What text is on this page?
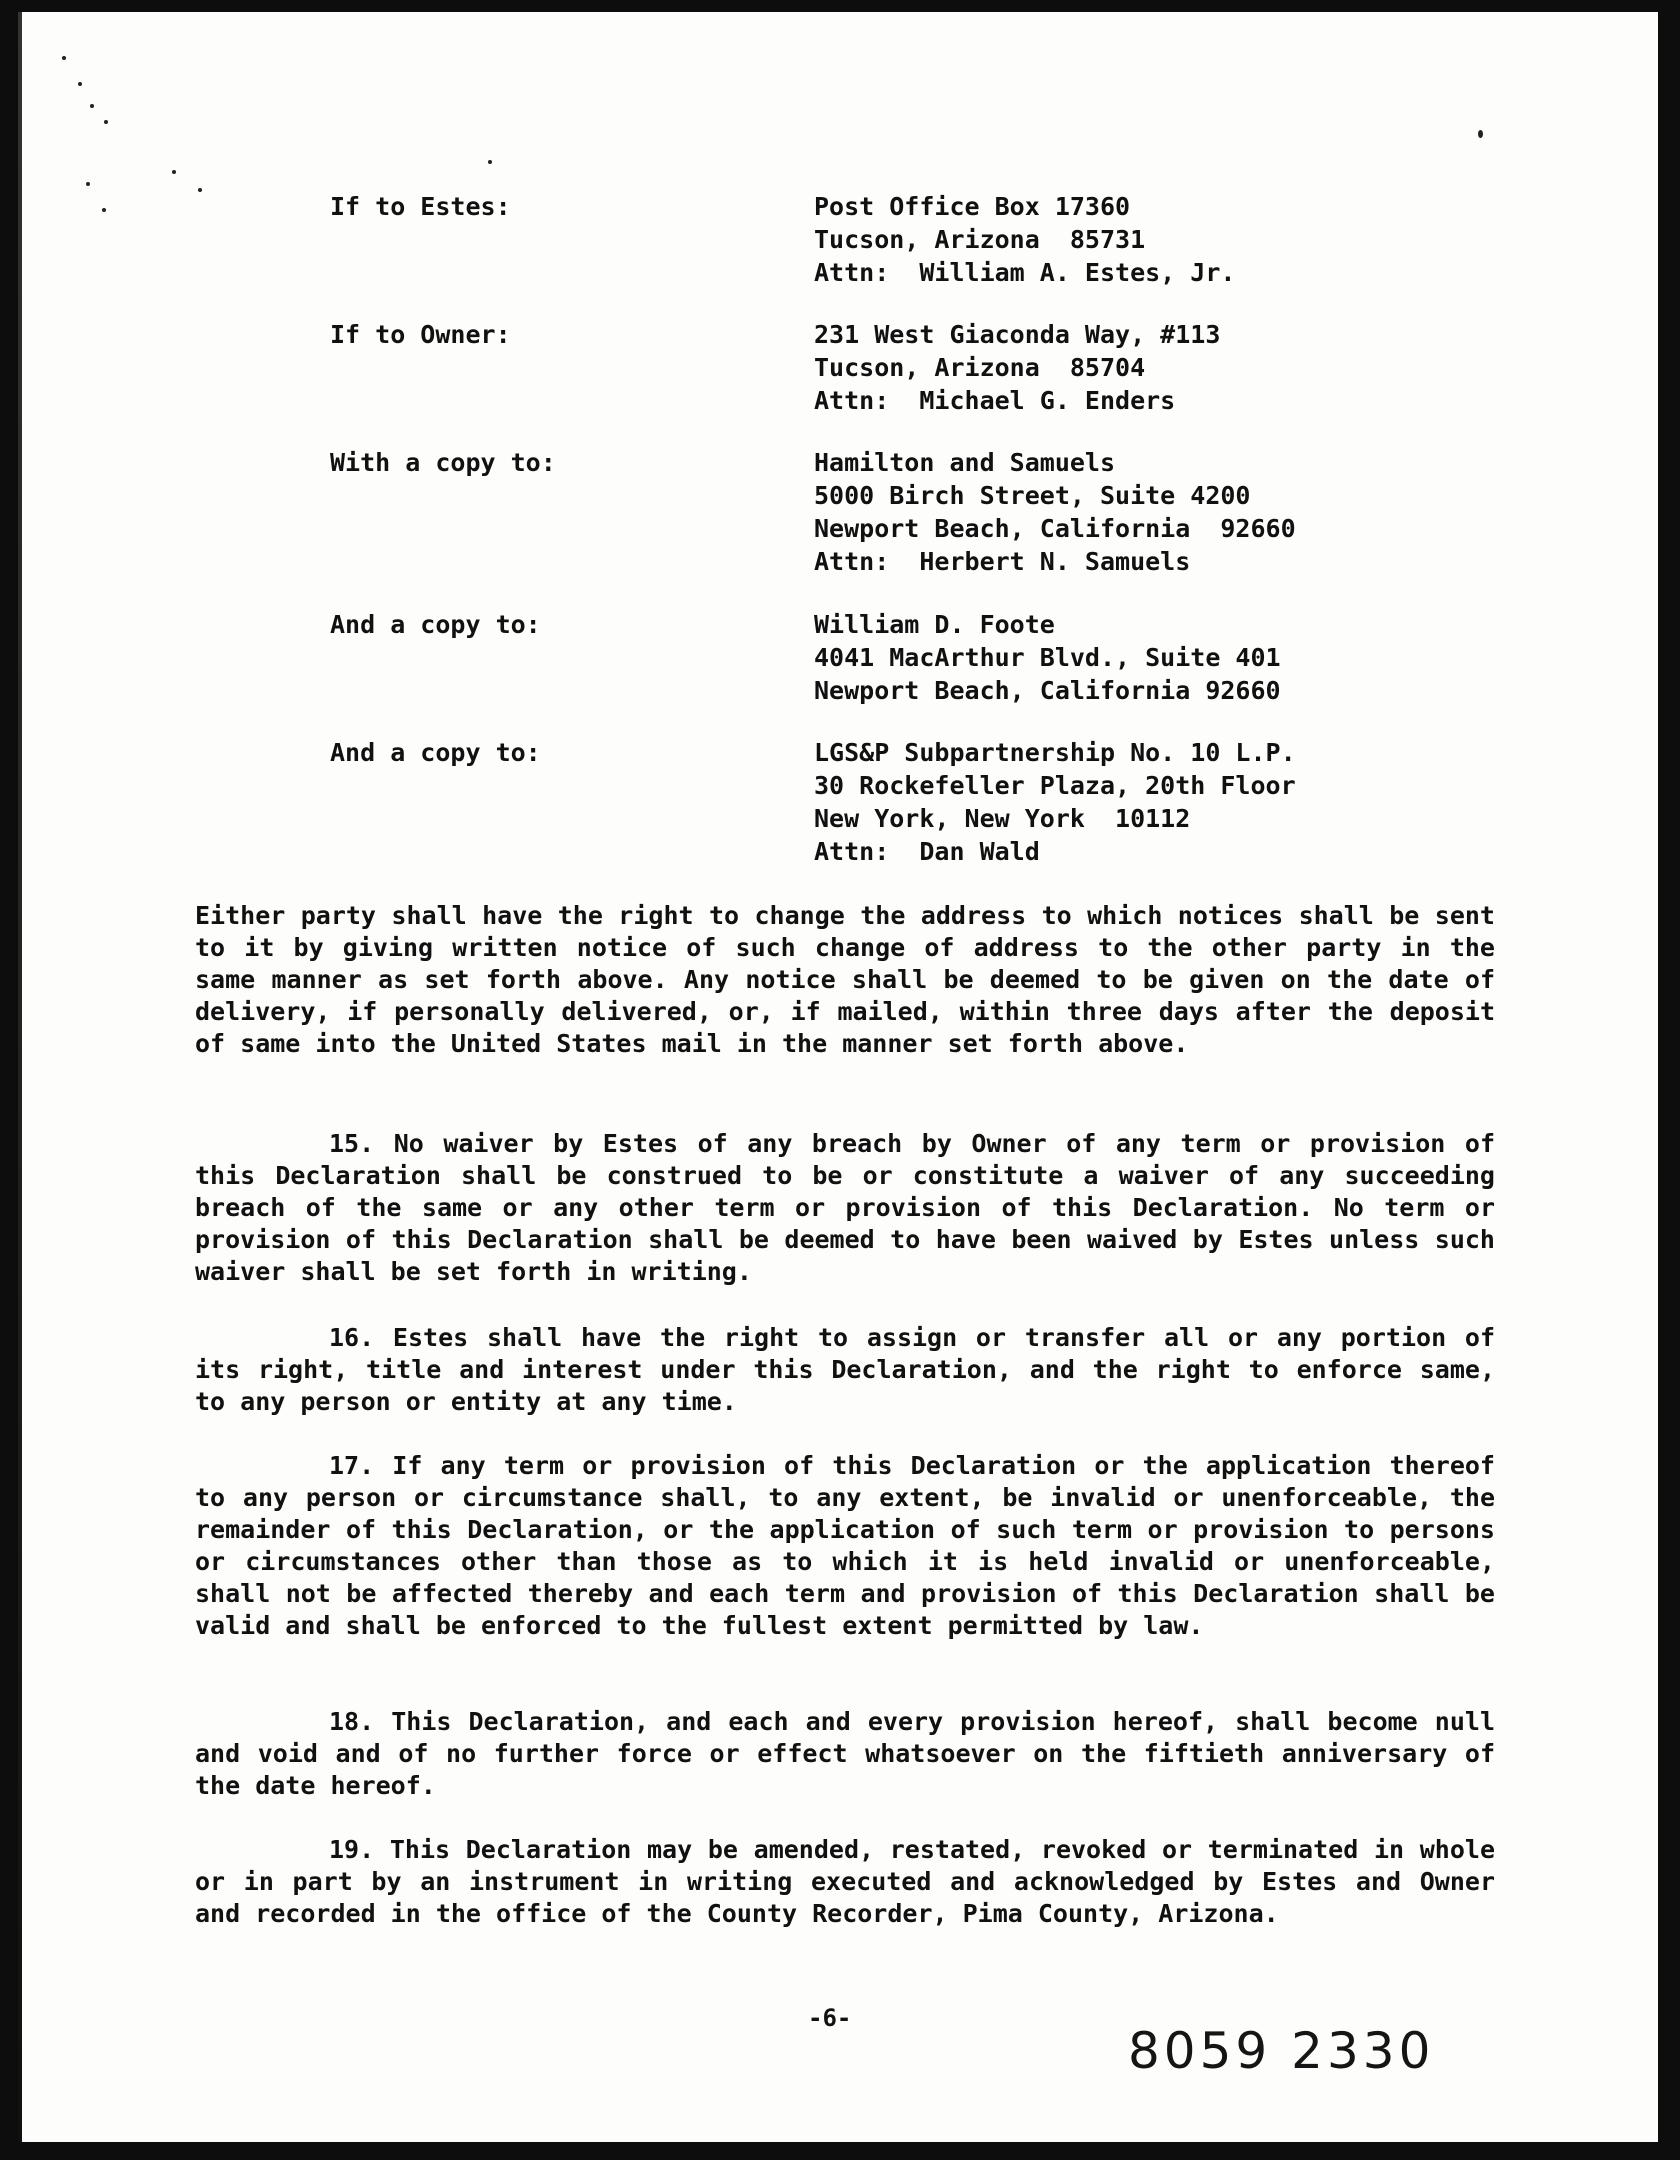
If to Estes:	Post Office Box 17360
Tucson, Arizona  85731
Attn:  William A. Estes, Jr.
If to Owner:	231 West Giaconda Way, #113
Tucson, Arizona  85704
Attn:  Michael G. Enders
With a copy to:	Hamilton and Samuels
5000 Birch Street, Suite 4200
Newport Beach, California  92660
Attn:  Herbert N. Samuels
And a copy to:	William D. Foote
4041 MacArthur Blvd., Suite 401
Newport Beach, California 92660
And a copy to:	LGS&P Subpartnership No. 10 L.P.
30 Rockefeller Plaza, 20th Floor
New York, New York  10112
Attn:  Dan Wald

Either party shall have the right to change the address to which notices shall be sent to it by giving written notice of such change of address to the other party in the same manner as set forth above. Any notice shall be deemed to be given on the date of delivery, if personally delivered, or, if mailed, within three days after the deposit of same into the United States mail in the manner set forth above.

15. No waiver by Estes of any breach by Owner of any term or provision of this Declaration shall be construed to be or constitute a waiver of any succeeding breach of the same or any other term or provision of this Declaration. No term or provision of this Declaration shall be deemed to have been waived by Estes unless such waiver shall be set forth in writing.

16. Estes shall have the right to assign or transfer all or any portion of its right, title and interest under this Declaration, and the right to enforce same, to any person or entity at any time.

17. If any term or provision of this Declaration or the application thereof to any person or circumstance shall, to any extent, be invalid or unenforceable, the remainder of this Declaration, or the application of such term or provision to persons or circumstances other than those as to which it is held invalid or unenforceable, shall not be affected thereby and each term and provision of this Declaration shall be valid and shall be enforced to the fullest extent permitted by law.

18. This Declaration, and each and every provision hereof, shall become null and void and of no further force or effect whatsoever on the fiftieth anniversary of the date hereof.

19. This Declaration may be amended, restated, revoked or terminated in whole or in part by an instrument in writing executed and acknowledged by Estes and Owner and recorded in the office of the County Recorder, Pima County, Arizona.

-6-
8059 2330
